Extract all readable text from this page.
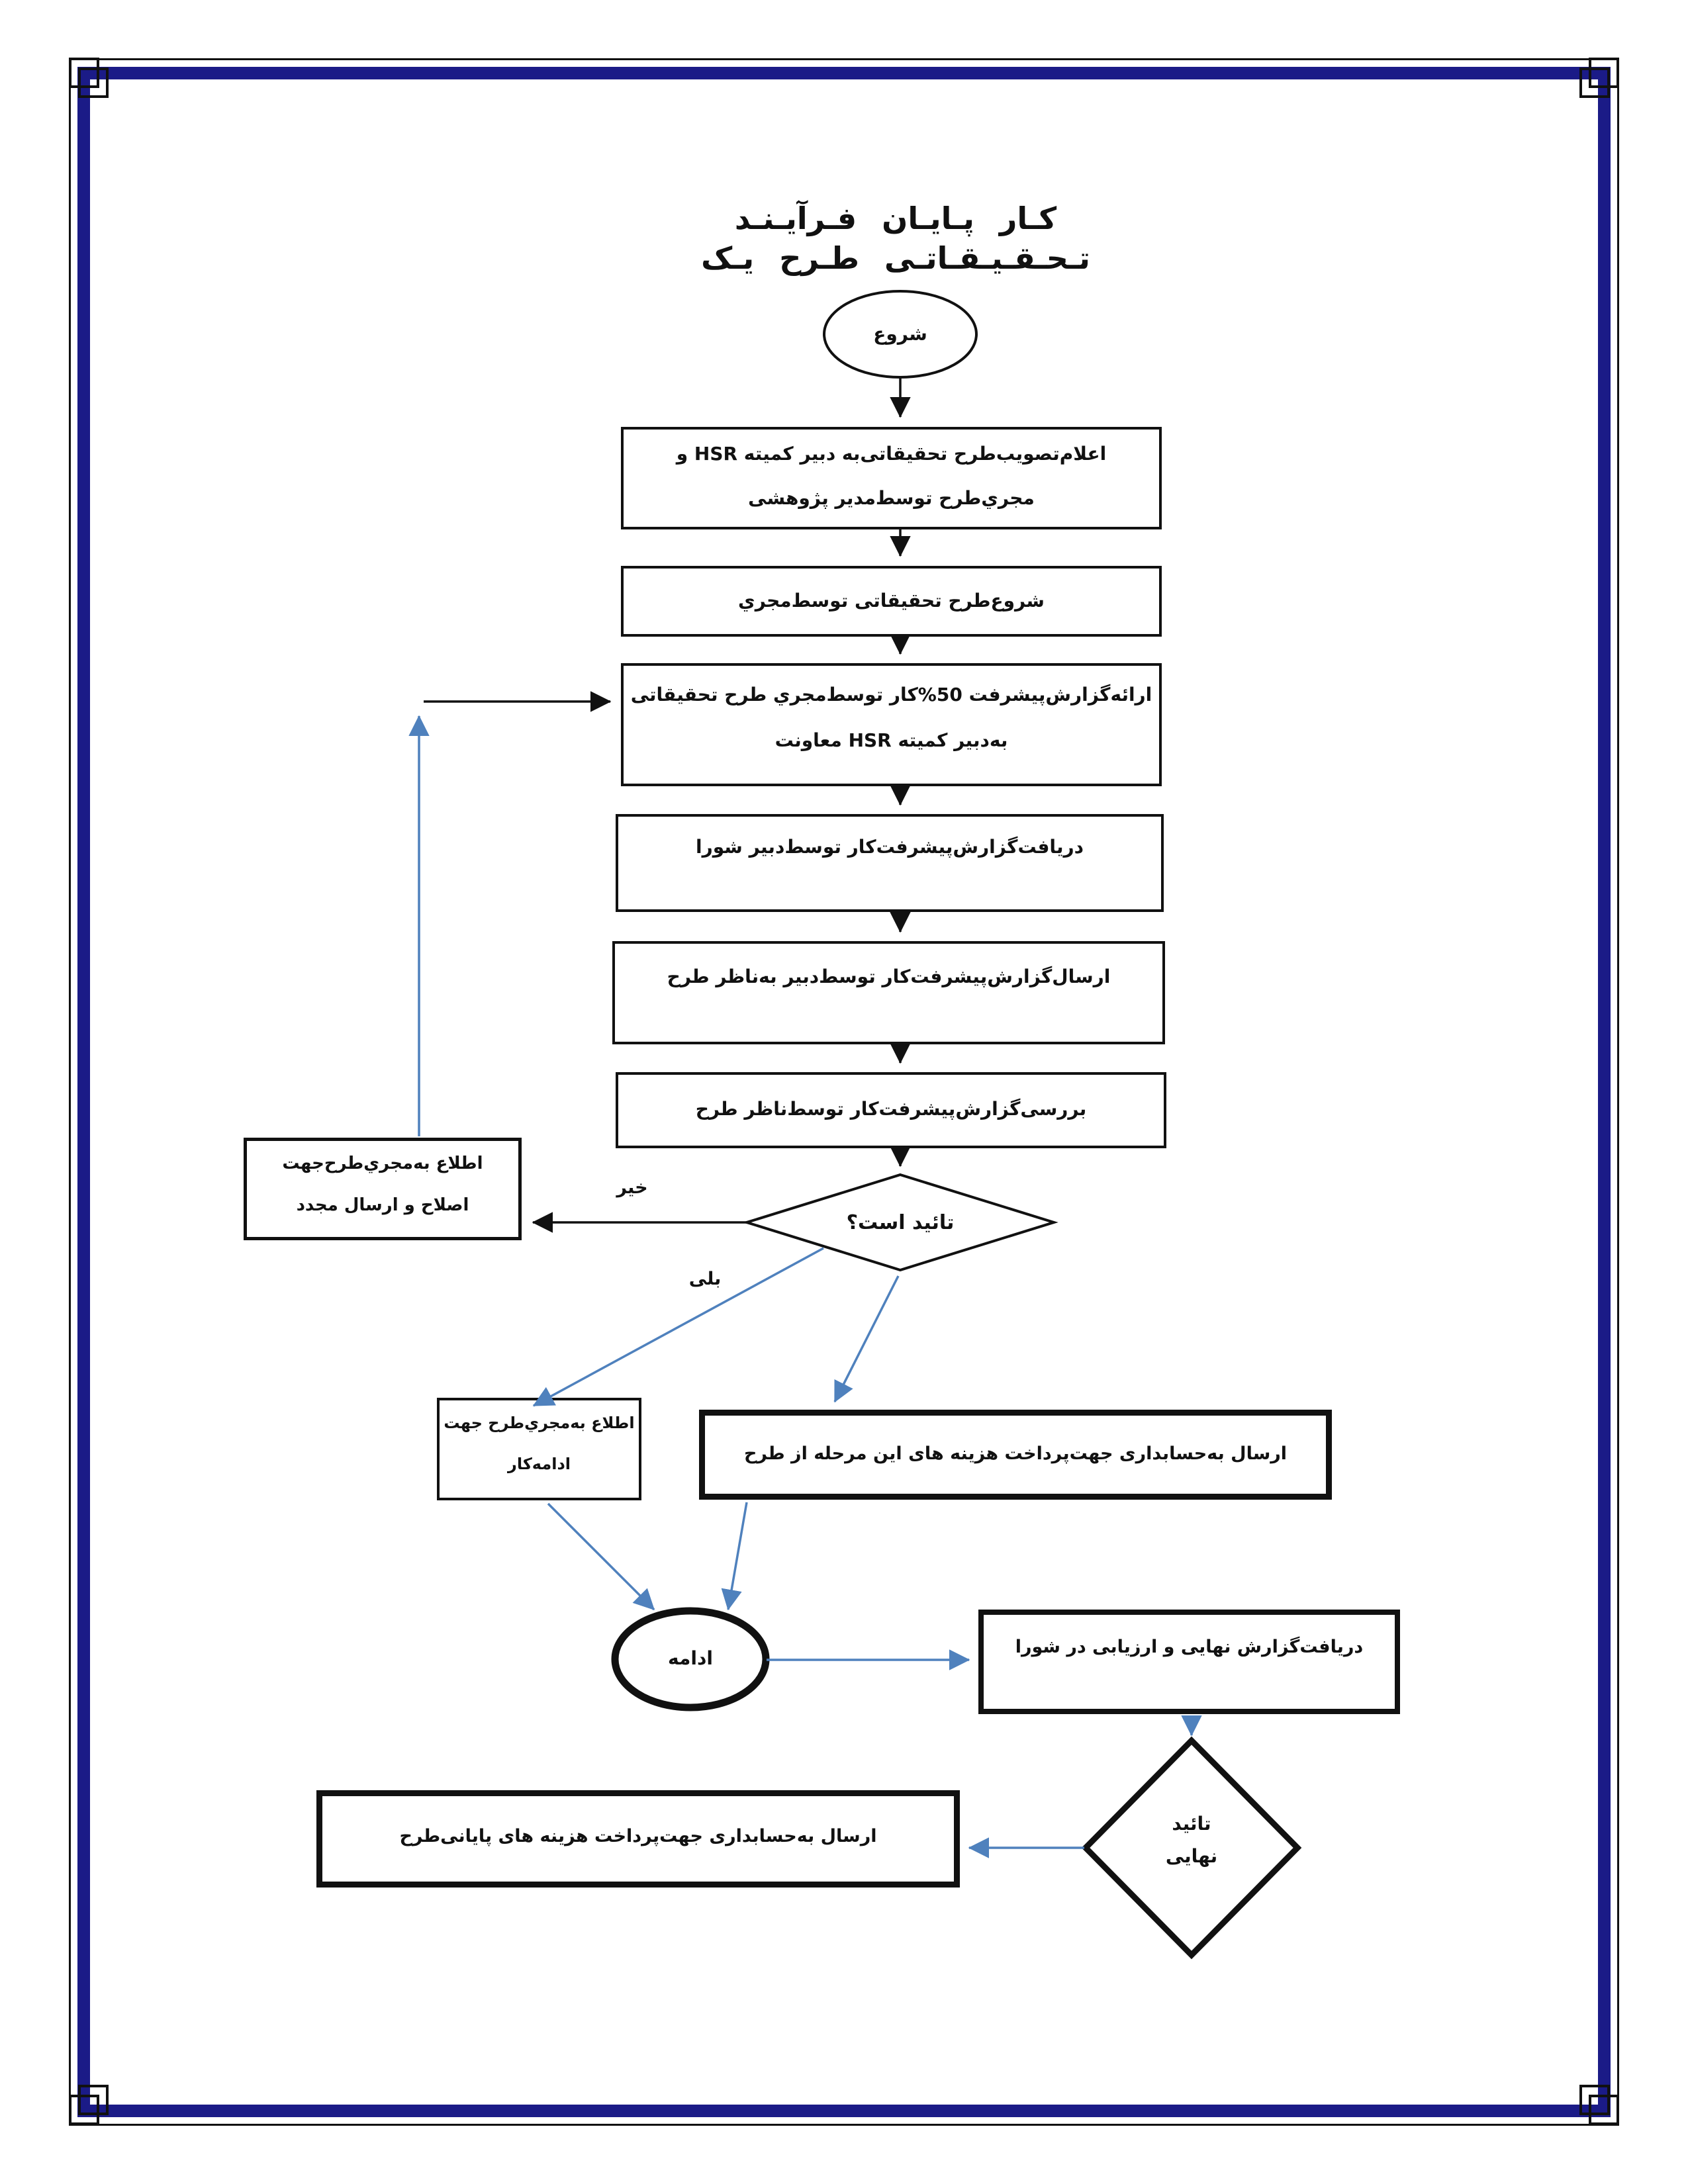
کـار پـایـان فـرآیـنـد تـحـقـیـقـاتـی طـرح یـک
شروع
اعلام‌تصویب‌طرح تحقیقاتی‌به دبیر کمیته HSR و
مجري‌طرح توسط‌مدیر پژوهشی
شروع‌طرح تحقیقاتی توسط‌مجري
ارائه‌گزارش‌پیشرفت 50%کار توسط‌مجري طرح تحقیقاتی
به‌دبیر کمیته HSR معاونت
دریافت‌گزارش‌پیشرفت‌کار توسط‌دبیر شورا
ارسال‌گزارش‌پیشرفت‌کار توسط‌دبیر به‌ناظر طرح
بررسی‌گزارش‌پیشرفت‌کار توسط‌ناظر طرح
تائید است؟
خیر
بلی
اطلاع به‌مجري‌طرح‌جهت
اصلاح و ارسال مجدد
اطلاع به‌مجري‌طرح جهت
ادامه‌کار	ارسال به‌حسابداری جهت‌پرداخت هزینه های این مرحله از طرح
ادامه
دریافت‌گزارش نهایی و ارزیابی در شورا
تائید
نهایی
ارسال به‌حسابداری جهت‌پرداخت هزینه های پایانی‌طرح
